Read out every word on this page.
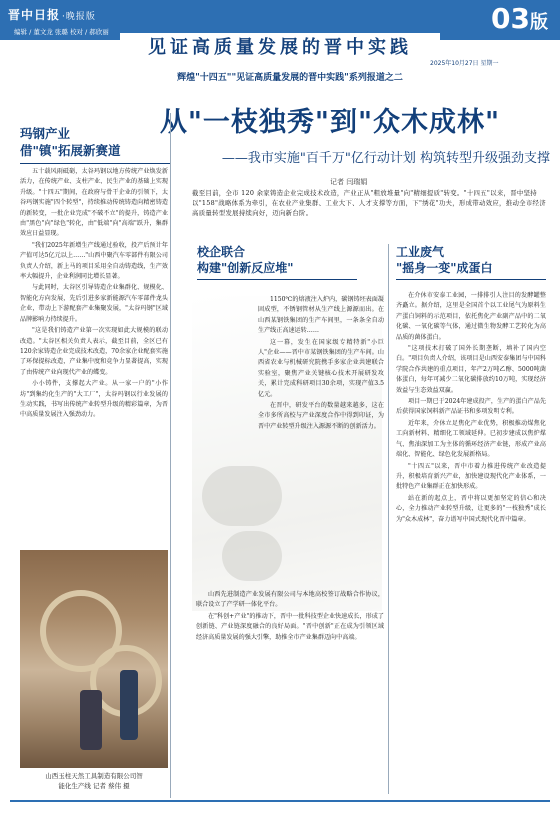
晋中日报 ·晚报版
编辑 / 董文龙 张璐 校对 / 郝欣丽	03版
见证高质量发展的晋中实践
2025年10月27日 星期一
辉煌"十四五""见证高质量发展的晋中实践"系列报道之二
从"一枝独秀"到"众木成林"
——我市实施"百千万"亿行动计划 构筑转型升级强劲支撑
记者 闫瑞娟
截至目前，全市 120 余家铸造企业完成技术改造，产业正从"粗放堆量"向"精细提质"转变。"十四五"以来，晋中坚持以"158"战略体系为牵引，在农业产业集群、工业大下、人才支撑等方面，下"绣花"功夫，形成带动效应，推动全市经济高质量转型发展持续向好，迈向新台阶。
玛钢产业
借"镇"拓展新赛道

五十载风雨砥砺，太谷玛钢以地方传统产业焕发新活力，在传统产业、支柱产业、民生产业的基础上实现升级。"十四五"期间，在政府与骨干企业的引领下，太谷玛钢实施"四个转型"，持续推动传统铸造向精密铸造的新转变，一批企业完成"不破不立"的提升，铸造产业由"黑色"向"绿色"转化，由"低端"向"高端"跃升，集群效应日益显现。

"我们2025年新增生产线通过验收，投产后预计年产值可达5亿元以上……"山西中聚汽车零部件有限公司负责人介绍，新上马的项目采用全自动铸造线，生产效率大幅提升，企业利润同比增长显著。

与此同时，太谷区引导铸造企业集群化、规模化、智能化方向发展，先后引进多家新能源汽车零部件龙头企业，带动上下游配套产业集聚发展，"太谷玛钢"区域品牌影响力持续提升。

"这是我们铸造产业第一次实现如此大规模的联动改造。"太谷区相关负责人表示，截至目前，全区已有120余家铸造企业完成技术改造，70余家企业配套实施了环保提标改造，产业集中度和竞争力显著提高，实现了由传统产业向现代产业的蝶变。

小小铸件，支撑起大产业。从一家一户的"小作坊"到集约化生产的"大工厂"，太谷玛钢以行业发展的生动实践，书写出传统产业转型升级的精彩篇章，为晋中高质量发展注入强劲动力。

山西玉柱天然工具制造有限公司智
能化生产线 记者 蔡伟 摄
校企联合
构建"创新反应堆"

1150℃的熔液注入炉内，碳钢铸坯表面凝固成型，不锈钢管材从生产线上源源而出。在山西某钢铁集团的生产车间里，一条条全自动生产线正高速运转……

这一幕，发生在国家级专精特新"小巨人"企业——晋中市某钢铁集团的生产车间。山西省农业与机械研究院携手多家企业共建联合实验室，聚焦产业关键核心技术开展研发攻关，累计完成科研项目30余项，实现产值3.5亿元。

在晋中，研发平台的数量越来越多，这在全市多所高校与产业深度合作中得到印证，为晋中产业转型升级注入源源不断的创新活力。

山西先进制造产业发展有限公司与本地高校签订战略合作协议，联合设立了产学研一体化平台。

在"科创+产业"的推动下，晋中一批科技型企业快速成长，形成了创新链、产业链深度融合的良好局面。"晋中创新"正在成为引领区域经济高质量发展的强大引擎，助推全市产业集群迈向中高端。

工业废气
"摇身一变"成蛋白

在介休市安泰工业园，一排排引人注目的发酵罐整齐矗立。据介绍，这里是全国首个以工业尾气为原料生产蛋白饲料的示范项目，依托焦化产业副产品中的二氧化碳、一氧化碳等气体，通过微生物发酵工艺转化为高品质的菌体蛋白。

"这项技术打破了国外长期垄断，填补了国内空白。"项目负责人介绍，该项目是山西安泰集团与中国科学院合作共建的重点项目，年产2万吨乙醇、5000吨菌体蛋白，每年可减少二氧化碳排放约10万吨，实现经济效益与生态效益双赢。

项目一期已于2024年建成投产，生产的蛋白产品先后获得国家饲料新产品证书和多项发明专利。

近年来，介休立足焦化产业优势，积极推动煤焦化工向新材料、精细化工领域延伸。已初步建成以焦炉煤气、焦油深加工为主体的循环经济产业链，形成产业高端化、智能化、绿色化发展新格局。

"十四五"以来，晋中市着力推进传统产业改造提升，积极培育新兴产业，加快建设现代化产业体系，一批特色产业集群正在加快形成。

站在新的起点上，晋中将以更加坚定的信心和决心，全力推动产业转型升级，让更多的"一枝独秀"成长为"众木成林"，奋力谱写中国式现代化晋中篇章。
